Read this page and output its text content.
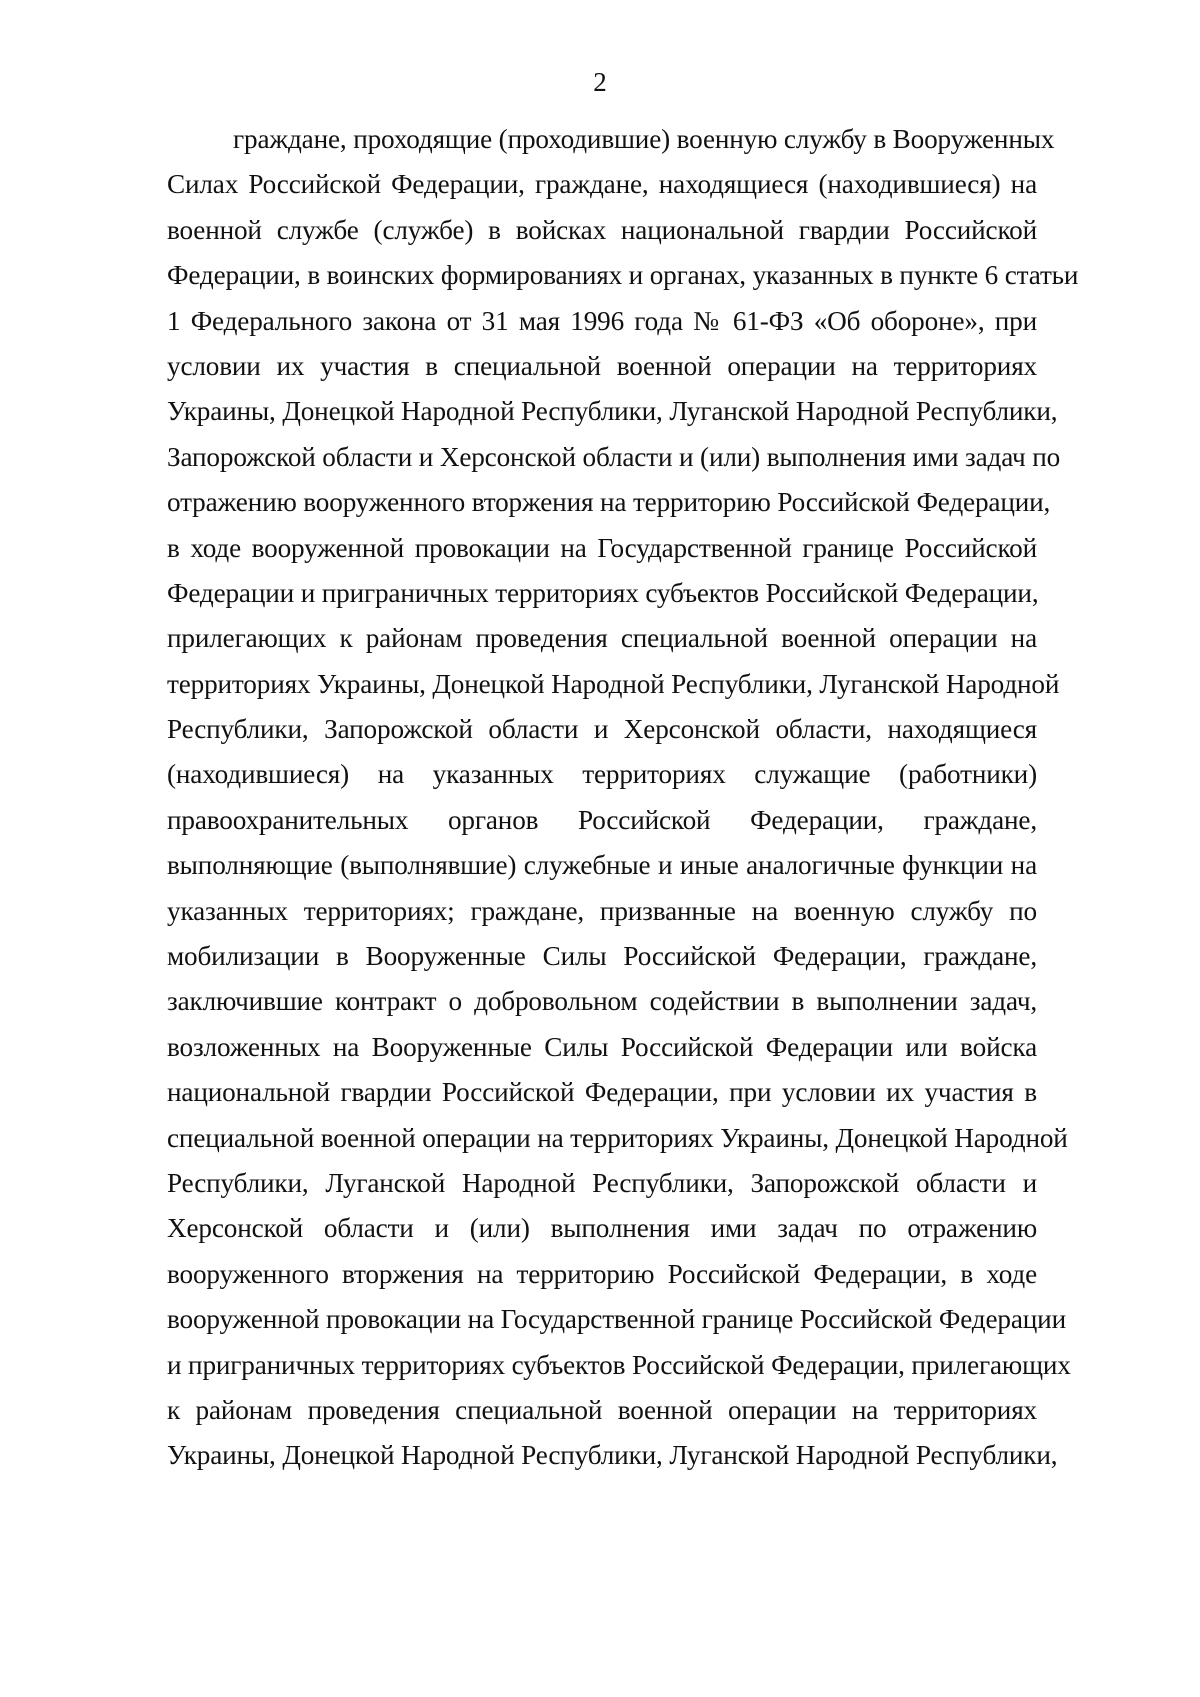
2
граждане, проходящие (проходившие) военную службу в Вооруженных
Силах Российской Федерации, граждане, находящиеся (находившиеся) на
военной службе (службе) в войсках национальной гвардии Российской
Федерации, в воинских формированиях и органах, указанных в пункте 6 статьи
1 Федерального закона от 31 мая 1996 года № 61-ФЗ «Об обороне», при
условии их участия в специальной военной операции на территориях
Украины, Донецкой Народной Республики, Луганской Народной Республики,
Запорожской области и Херсонской области и (или) выполнения ими задач по
отражению вооруженного вторжения на территорию Российской Федерации,
в ходе вооруженной провокации на Государственной границе Российской
Федерации и приграничных территориях субъектов Российской Федерации,
прилегающих к районам проведения специальной военной операции на
территориях Украины, Донецкой Народной Республики, Луганской Народной
Республики, Запорожской области и Херсонской области, находящиеся
(находившиеся) на указанных территориях служащие (работники)
правоохранительных органов Российской Федерации, граждане,
выполняющие (выполнявшие) служебные и иные аналогичные функции на
указанных территориях; граждане, призванные на военную службу по
мобилизации в Вооруженные Силы Российской Федерации, граждане,
заключившие контракт о добровольном содействии в выполнении задач,
возложенных на Вооруженные Силы Российской Федерации или войска
национальной гвардии Российской Федерации, при условии их участия в
специальной военной операции на территориях Украины, Донецкой Народной
Республики, Луганской Народной Республики, Запорожской области и
Херсонской области и (или) выполнения ими задач по отражению
вооруженного вторжения на территорию Российской Федерации, в ходе
вооруженной провокации на Государственной границе Российской Федерации
и приграничных территориях субъектов Российской Федерации, прилегающих
к районам проведения специальной военной операции на территориях
Украины, Донецкой Народной Республики, Луганской Народной Республики,
